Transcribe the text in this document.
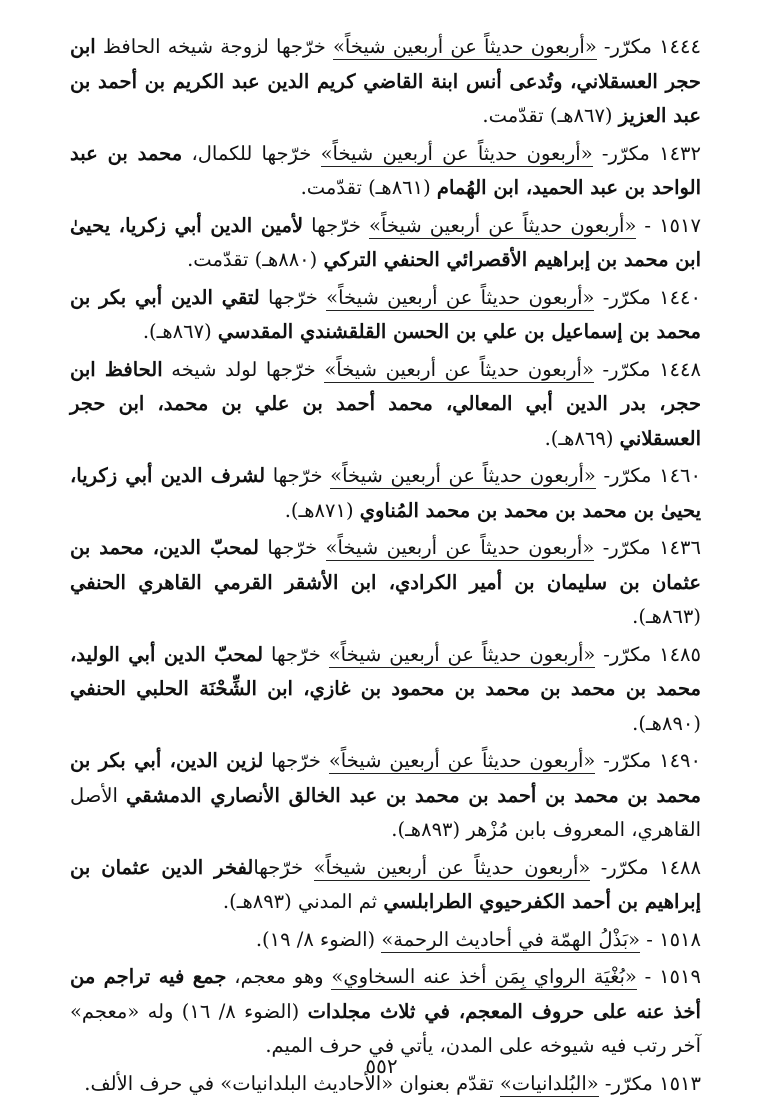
١٤٤٤ مكرّر- «أربعون حديثاً عن أربعين شيخاً» خرّجها لزوجة شيخه الحافظ ابن حجر العسقلاني، وتُدعى أنس ابنة القاضي كريم الدين عبد الكريم بن أحمد بن عبد العزيز (٨٦٧هـ) تقدّمت.

١٤٣٢ مكرّر- «أربعون حديثاً عن أربعين شيخاً» خرّجها للكمال، محمد بن عبد الواحد بن عبد الحميد، ابن الهُمام (٨٦١هـ) تقدّمت.

١٥١٧ - «أربعون حديثاً عن أربعين شيخاً» خرّجها لأمين الدين أبي زكريا، يحيىٰ ابن محمد بن إبراهيم الأقصرائي الحنفي التركي (٨٨٠هـ) تقدّمت.

١٤٤٠ مكرّر- «أربعون حديثاً عن أربعين شيخاً» خرّجها لتقي الدين أبي بكر بن محمد بن إسماعيل بن علي بن الحسن القلقشندي المقدسي (٨٦٧هـ).

١٤٤٨ مكرّر- «أربعون حديثاً عن أربعين شيخاً» خرّجها لولد شيخه الحافظ ابن حجر، بدر الدين أبي المعالي، محمد أحمد بن علي بن محمد، ابن حجر العسقلاني (٨٦٩هـ).

١٤٦٠ مكرّر- «أربعون حديثاً عن أربعين شيخاً» خرّجها لشرف الدين أبي زكريا، يحيىٰ بن محمد بن محمد بن محمد المُناوي (٨٧١هـ).

١٤٣٦ مكرّر- «أربعون حديثاً عن أربعين شيخاً» خرّجها لمحبّ الدين، محمد بن عثمان بن سليمان بن أمير الكرادي، ابن الأشقر القرمي القاهري الحنفي (٨٦٣هـ).

١٤٨٥ مكرّر- «أربعون حديثاً عن أربعين شيخاً» خرّجها لمحبّ الدين أبي الوليد، محمد بن محمد بن محمد بن محمود بن غازي، ابن الشِّحْنَة الحلبي الحنفي (٨٩٠هـ).

١٤٩٠ مكرّر- «أربعون حديثاً عن أربعين شيخاً» خرّجها لزين الدين، أبي بكر بن محمد بن محمد بن أحمد بن محمد بن عبد الخالق الأنصاري الدمشقي الأصل القاهري، المعروف بابن مُزْهر (٨٩٣هـ).

١٤٨٨ مكرّر- «أربعون حديثاً عن أربعين شيخاً» خرّجهالفخر الدين عثمان بن إبراهيم بن أحمد الكفرحيوي الطرابلسي ثم المدني (٨٩٣هـ).

١٥١٨ - «بَذْلُ الهمّة في أحاديث الرحمة» (الضوء ٨/ ١٩).

١٥١٩ - «بُغْيَة الرواي بِمَن أخذ عنه السخاوي» وهو معجم، جمع فيه تراجم من أخذ عنه على حروف المعجم، في ثلاث مجلدات (الضوء ٨/ ١٦) وله «معجم» آخر رتب فيه شيوخه على المدن، يأتي في حرف الميم.

١٥١٣ مكرّر- «البُلدانيات» تقدّم بعنوان «الأحاديث البلدانيات» في حرف الألف.

٥٥٢
